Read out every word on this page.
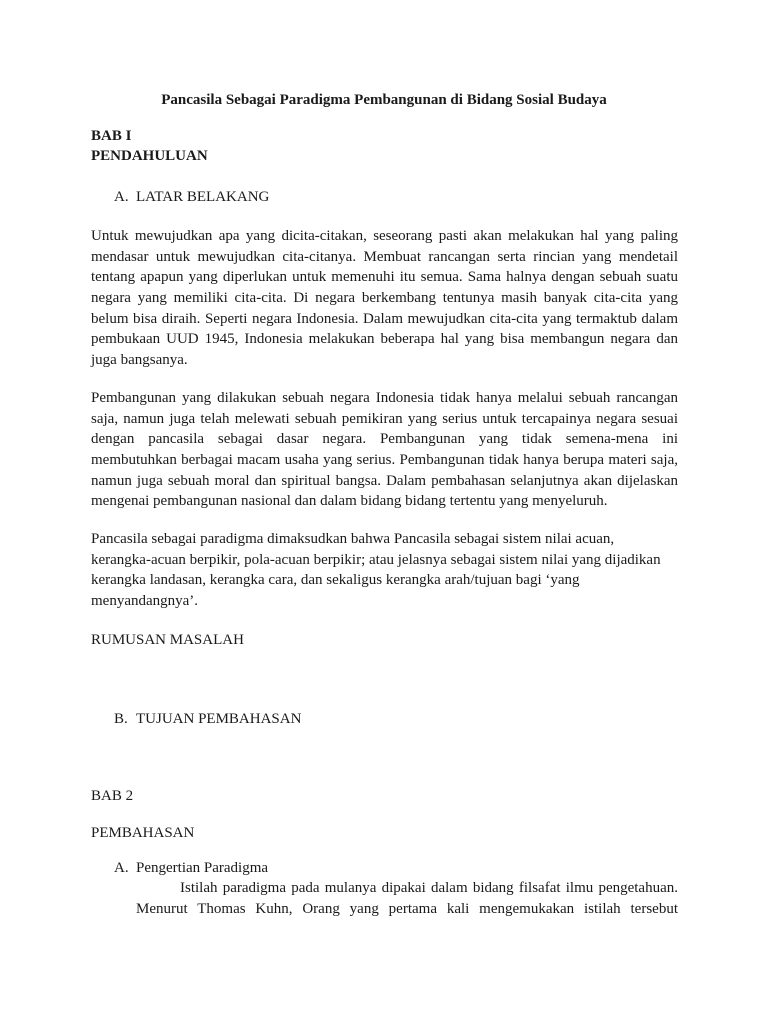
Pancasila Sebagai Paradigma Pembangunan di Bidang Sosial Budaya
BAB I
PENDAHULUAN
A. LATAR BELAKANG
Untuk mewujudkan apa yang dicita-citakan, seseorang pasti akan melakukan hal yang paling
mendasar untuk mewujudkan cita-citanya. Membuat rancangan serta rincian yang mendetail
tentang apapun yang diperlukan untuk memenuhi itu semua. Sama halnya dengan sebuah suatu
negara yang memiliki cita-cita. Di negara berkembang tentunya masih banyak cita-cita yang
belum bisa diraih. Seperti negara Indonesia. Dalam mewujudkan cita-cita yang termaktub dalam
pembukaan UUD 1945, Indonesia melakukan beberapa hal yang bisa membangun negara dan
juga bangsanya.
Pembangunan yang dilakukan sebuah negara Indonesia tidak hanya melalui sebuah rancangan
saja, namun juga telah melewati sebuah pemikiran yang serius untuk tercapainya negara sesuai
dengan pancasila sebagai dasar negara. Pembangunan yang tidak semena-mena ini
membutuhkan berbagai macam usaha yang serius. Pembangunan tidak hanya berupa materi saja,
namun juga sebuah moral dan spiritual bangsa. Dalam pembahasan selanjutnya akan dijelaskan
mengenai pembangunan nasional dan dalam bidang bidang tertentu yang menyeluruh.
Pancasila sebagai paradigma dimaksudkan bahwa Pancasila sebagai sistem nilai acuan,
kerangka-acuan berpikir, pola-acuan berpikir; atau jelasnya sebagai sistem nilai yang dijadikan
kerangka landasan, kerangka cara, dan sekaligus kerangka arah/tujuan bagi ‘yang
menyandangnya’.
RUMUSAN MASALAH
B. TUJUAN PEMBAHASAN
BAB 2
PEMBAHASAN
A. Pengertian Paradigma
Istilah paradigma pada mulanya dipakai dalam bidang filsafat ilmu pengetahuan.
Menurut Thomas Kuhn, Orang yang pertama kali mengemukakan istilah tersebut
